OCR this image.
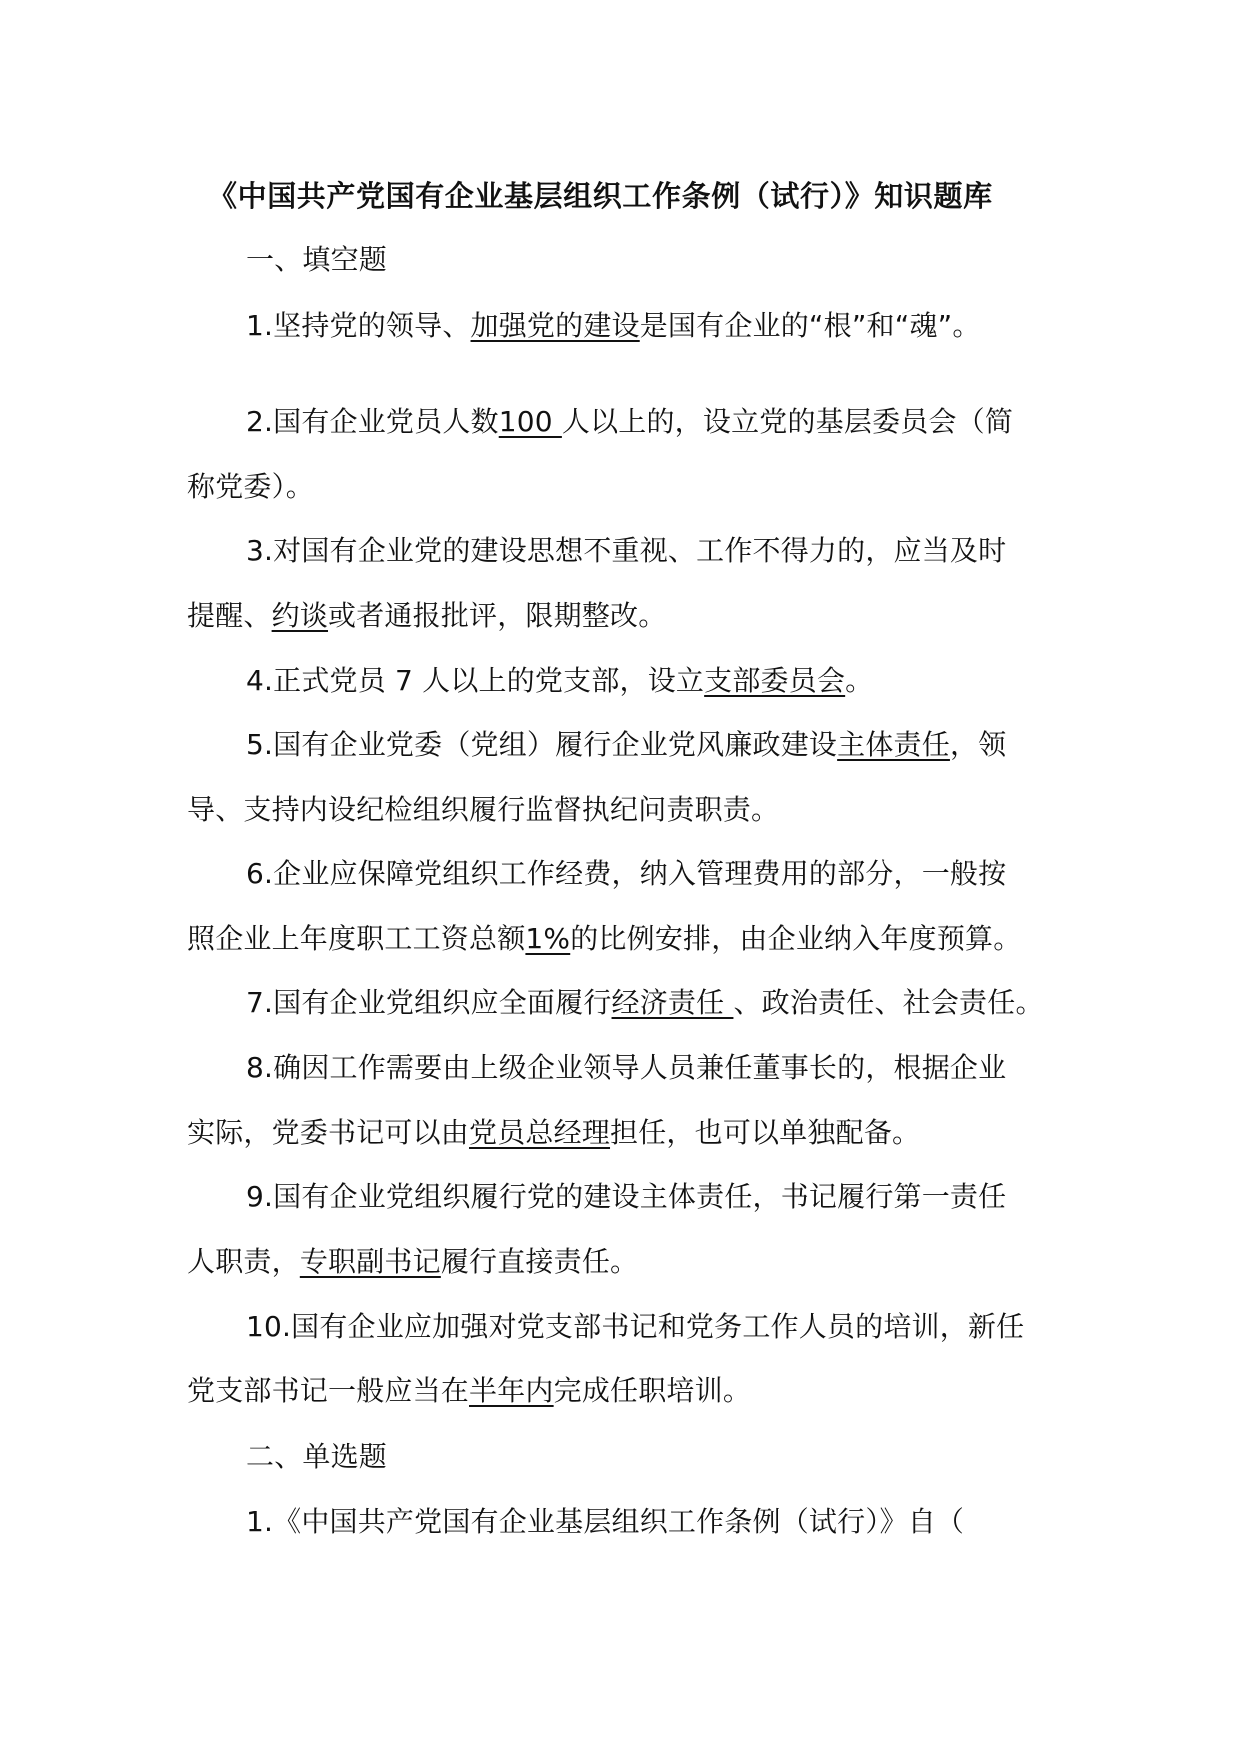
《中国共产党国有企业基层组织工作条例（试行）》知识题库
一、填空题
二、单选题
1.坚持党的领导、加强党的建设是国有企业的“根”和“魂”。
2.国有企业党员人数100 人以上的，设立党的基层委员会（简
称党委）。
3.对国有企业党的建设思想不重视、工作不得力的，应当及时
提醒、约谈或者通报批评，限期整改。
4.正式党员 7 人以上的党支部，设立支部委员会。
5.国有企业党委（党组）履行企业党风廉政建设主体责任，领
导、支持内设纪检组织履行监督执纪问责职责。
6.企业应保障党组织工作经费，纳入管理费用的部分，一般按
照企业上年度职工工资总额1%的比例安排，由企业纳入年度预算。
7.国有企业党组织应全面履行经济责任 、政治责任、社会责任。
8.确因工作需要由上级企业领导人员兼任董事长的，根据企业
实际，党委书记可以由党员总经理担任，也可以单独配备。
9.国有企业党组织履行党的建设主体责任，书记履行第一责任
人职责，专职副书记履行直接责任。
10.国有企业应加强对党支部书记和党务工作人员的培训，新任
党支部书记一般应当在半年内完成任职培训。
1.《中国共产党国有企业基层组织工作条例（试行）》自（
